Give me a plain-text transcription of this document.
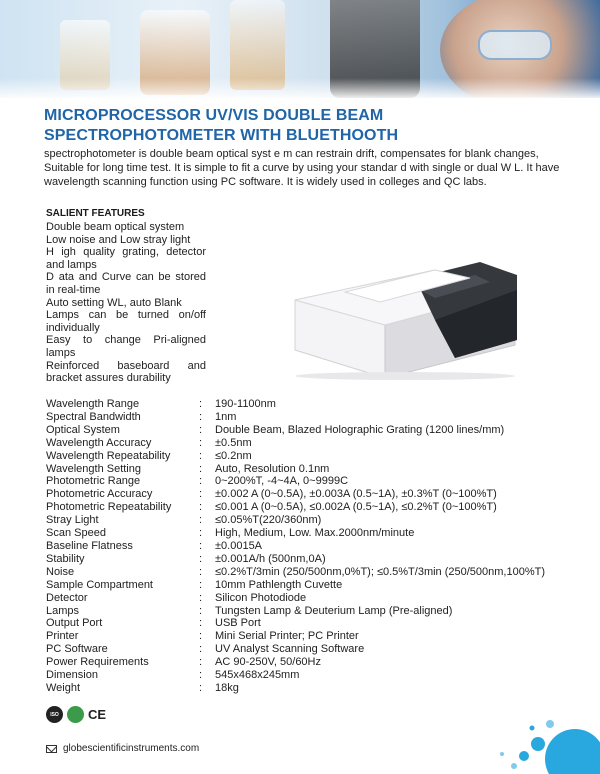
MICROPROCESSOR UV/VIS DOUBLE BEAM SPECTROPHOTOMETER WITH BLUETHOOTH

spectrophotometer is double beam optical syst e m can restrain drift, compensates for blank changes, Suitable for long time test. It is simple to fit a curve by using your standar d with single or dual W L. It have wavelength scanning function using PC software. It is widely used in colleges and QC labs.

SALIENT FEATURES
Double beam optical system
Low noise and Low stray light
H igh quality grating, detector and lamps
D ata and Curve can be stored in real-time
Auto setting WL, auto Blank
Lamps can be turned on/off individually
Easy to change Pri-aligned lamps
Reinforced baseboard and bracket assures durability
Wavelength Range	:	190-1100nm
Spectral Bandwidth	:	1nm
Optical System	:	Double Beam, Blazed Holographic Grating (1200 lines/mm)
Wavelength Accuracy	:	±0.5nm
Wavelength Repeatability	:	≤0.2nm
Wavelength Setting	:	Auto, Resolution 0.1nm
Photometric Range	:	0~200%T, -4~4A, 0~9999C
Photometric Accuracy	:	±0.002 A (0~0.5A), ±0.003A (0.5~1A), ±0.3%T (0~100%T)
Photometric Repeatability	:	≤0.001 A (0~0.5A), ≤0.002A (0.5~1A), ≤0.2%T (0~100%T)
Stray Light	:	≤0.05%T(220/360nm)
Scan Speed	:	High, Medium, Low. Max.2000nm/minute
Baseline Flatness	:	±0.0015A
Stability	:	±0.001A/h (500nm,0A)
Noise	:	≤0.2%T/3min (250/500nm,0%T); ≤0.5%T/3min (250/500nm,100%T)
Sample Compartment	:	10mm Pathlength Cuvette
Detector	:	Silicon Photodiode
Lamps	:	Tungsten Lamp & Deuterium Lamp (Pre-aligned)
Output Port	:	USB Port
Printer	:	Mini Serial Printer; PC Printer
PC Software	:	UV Analyst Scanning Software
Power Requirements	:	AC 90-250V, 50/60Hz
Dimension	:	545x468x245mm
Weight	:	18kg
ISO	CE
globescientificinstruments.com
